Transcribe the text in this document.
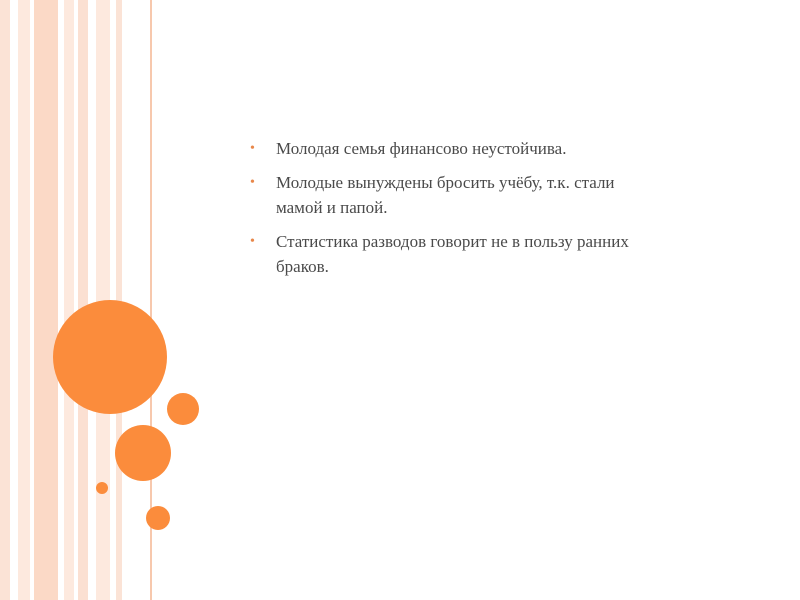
• Молодая семья финансово неустойчива.
• Молодые вынуждены бросить учёбу, т.к. стали мамой и папой.
• Статистика разводов говорит не в пользу ранних браков.
